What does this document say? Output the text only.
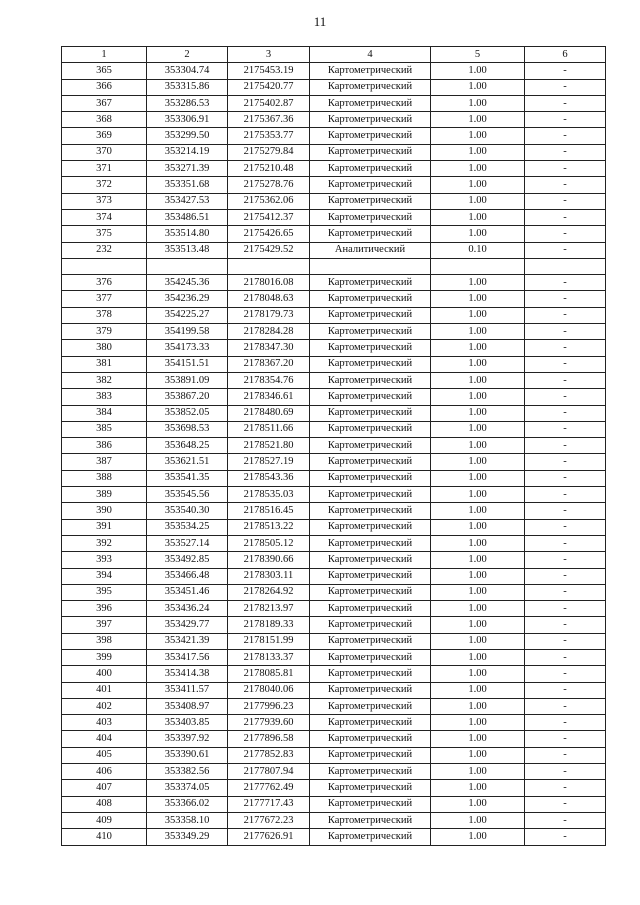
11
1	2	3	4	5	6
365	353304.74	2175453.19	Картометрический	1.00	-
366	353315.86	2175420.77	Картометрический	1.00	-
367	353286.53	2175402.87	Картометрический	1.00	-
368	353306.91	2175367.36	Картометрический	1.00	-
369	353299.50	2175353.77	Картометрический	1.00	-
370	353214.19	2175279.84	Картометрический	1.00	-
371	353271.39	2175210.48	Картометрический	1.00	-
372	353351.68	2175278.76	Картометрический	1.00	-
373	353427.53	2175362.06	Картометрический	1.00	-
374	353486.51	2175412.37	Картометрический	1.00	-
375	353514.80	2175426.65	Картометрический	1.00	-
232	353513.48	2175429.52	Аналитический	0.10	-

376	354245.36	2178016.08	Картометрический	1.00	-
377	354236.29	2178048.63	Картометрический	1.00	-
378	354225.27	2178179.73	Картометрический	1.00	-
379	354199.58	2178284.28	Картометрический	1.00	-
380	354173.33	2178347.30	Картометрический	1.00	-
381	354151.51	2178367.20	Картометрический	1.00	-
382	353891.09	2178354.76	Картометрический	1.00	-
383	353867.20	2178346.61	Картометрический	1.00	-
384	353852.05	2178480.69	Картометрический	1.00	-
385	353698.53	2178511.66	Картометрический	1.00	-
386	353648.25	2178521.80	Картометрический	1.00	-
387	353621.51	2178527.19	Картометрический	1.00	-
388	353541.35	2178543.36	Картометрический	1.00	-
389	353545.56	2178535.03	Картометрический	1.00	-
390	353540.30	2178516.45	Картометрический	1.00	-
391	353534.25	2178513.22	Картометрический	1.00	-
392	353527.14	2178505.12	Картометрический	1.00	-
393	353492.85	2178390.66	Картометрический	1.00	-
394	353466.48	2178303.11	Картометрический	1.00	-
395	353451.46	2178264.92	Картометрический	1.00	-
396	353436.24	2178213.97	Картометрический	1.00	-
397	353429.77	2178189.33	Картометрический	1.00	-
398	353421.39	2178151.99	Картометрический	1.00	-
399	353417.56	2178133.37	Картометрический	1.00	-
400	353414.38	2178085.81	Картометрический	1.00	-
401	353411.57	2178040.06	Картометрический	1.00	-
402	353408.97	2177996.23	Картометрический	1.00	-
403	353403.85	2177939.60	Картометрический	1.00	-
404	353397.92	2177896.58	Картометрический	1.00	-
405	353390.61	2177852.83	Картометрический	1.00	-
406	353382.56	2177807.94	Картометрический	1.00	-
407	353374.05	2177762.49	Картометрический	1.00	-
408	353366.02	2177717.43	Картометрический	1.00	-
409	353358.10	2177672.23	Картометрический	1.00	-
410	353349.29	2177626.91	Картометрический	1.00	-
